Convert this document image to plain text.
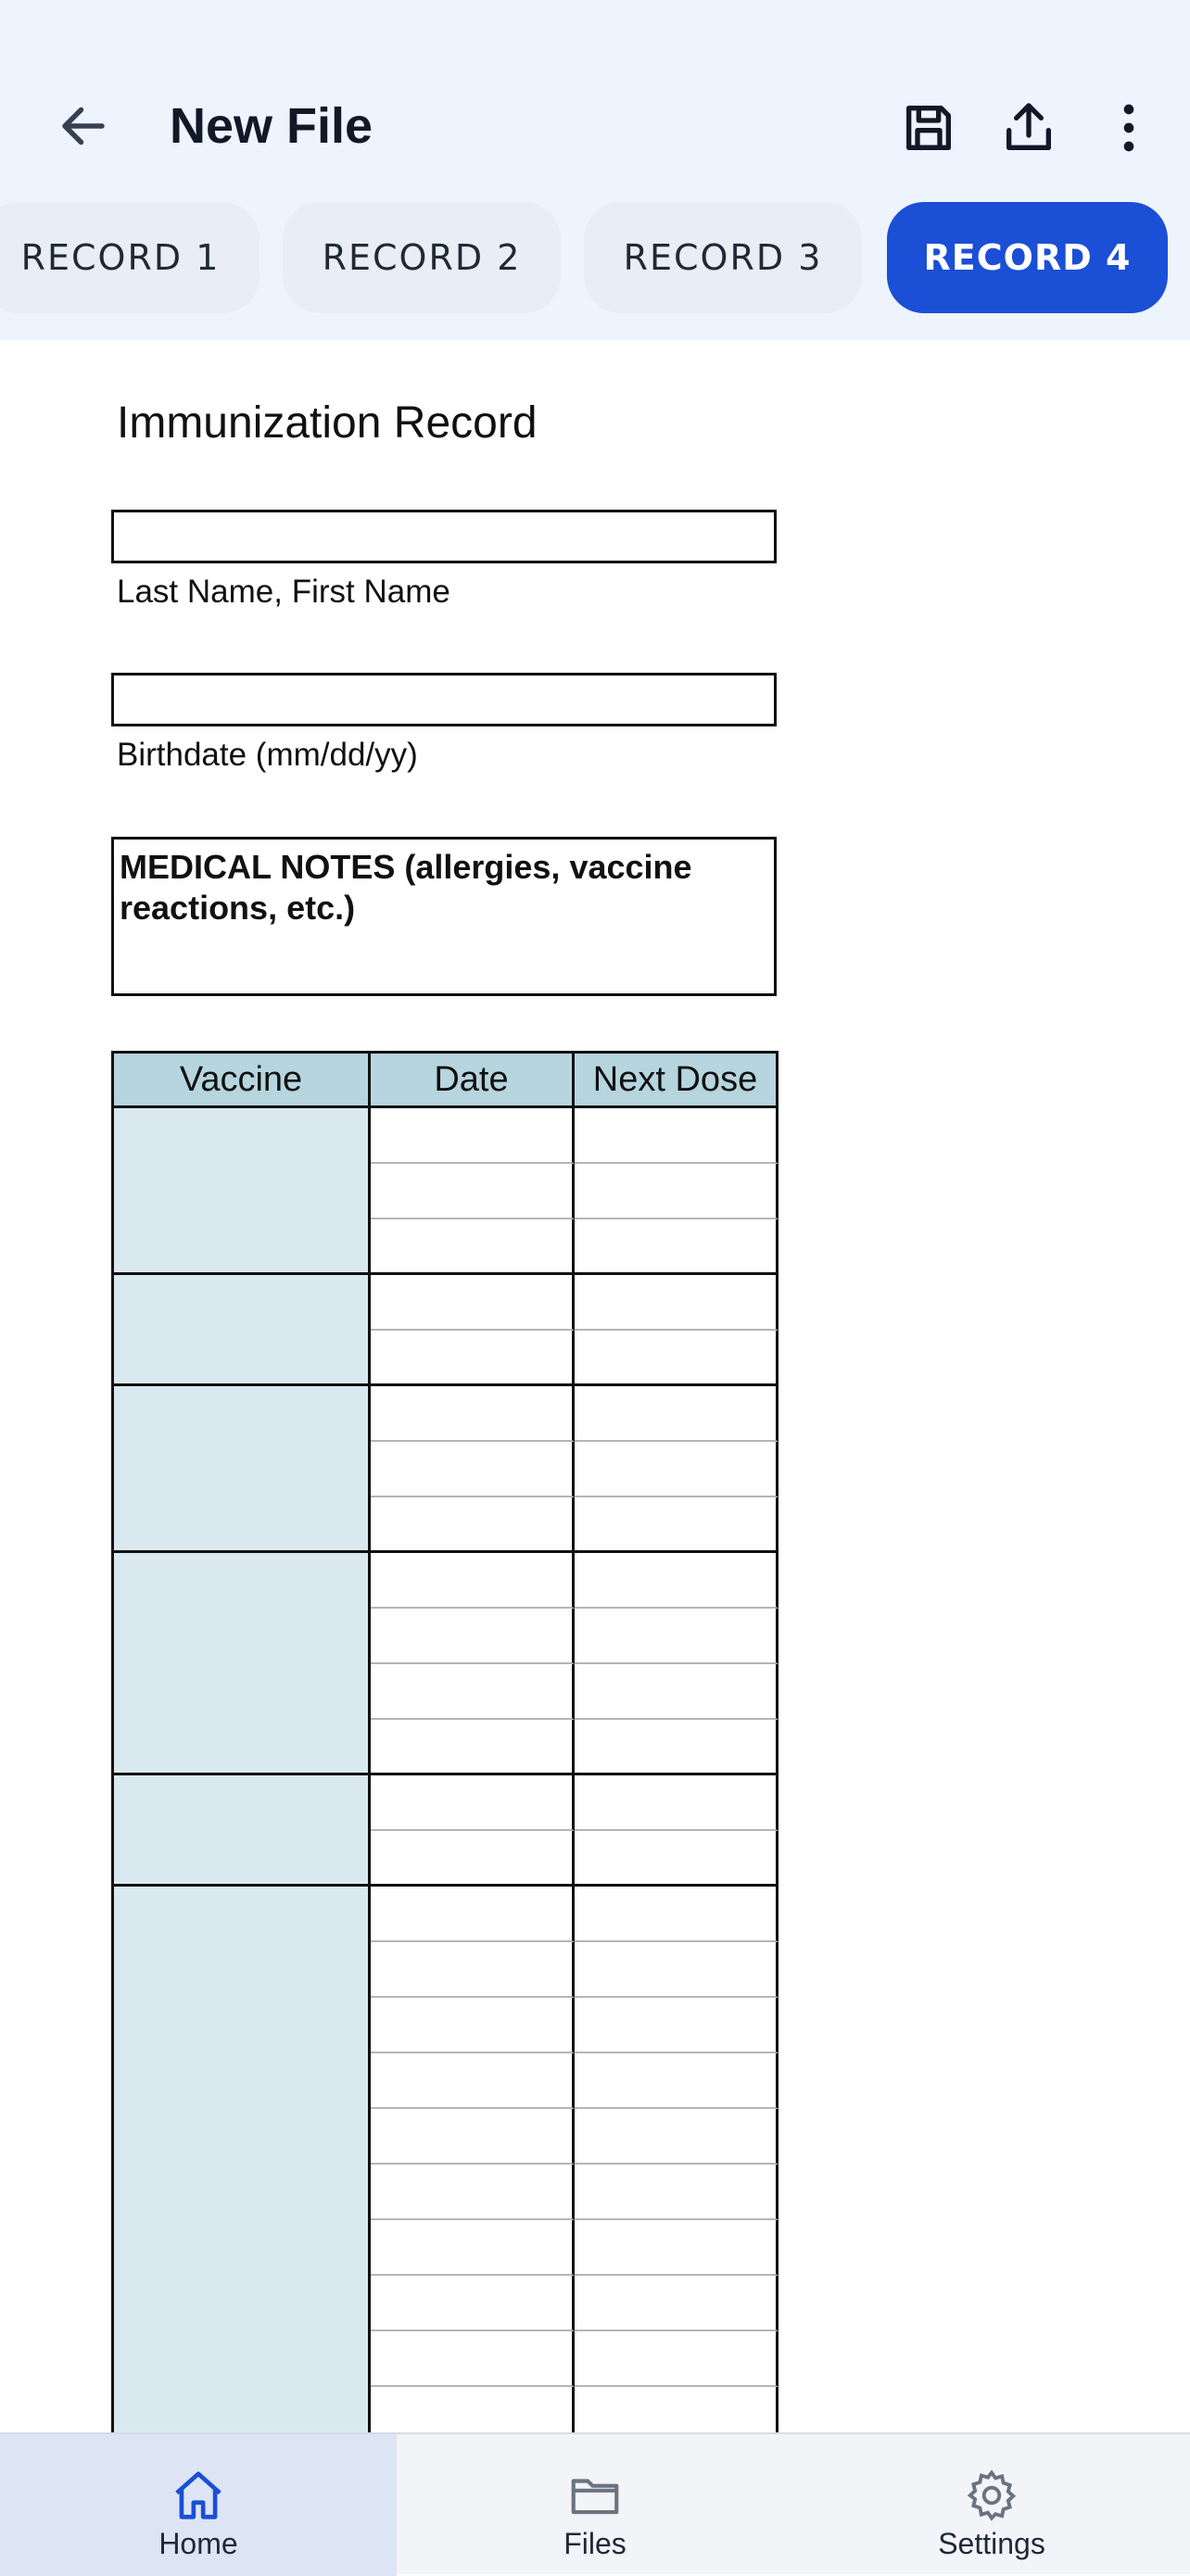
New File
RECORD 1	RECORD 2	RECORD 3	RECORD 4
Immunization Record
Last Name, First Name
Birthdate (mm/dd/yy)
MEDICAL NOTES (allergies, vaccine reactions, etc.)
Vaccine	Date	Next Dose
Home	Files	Settings
